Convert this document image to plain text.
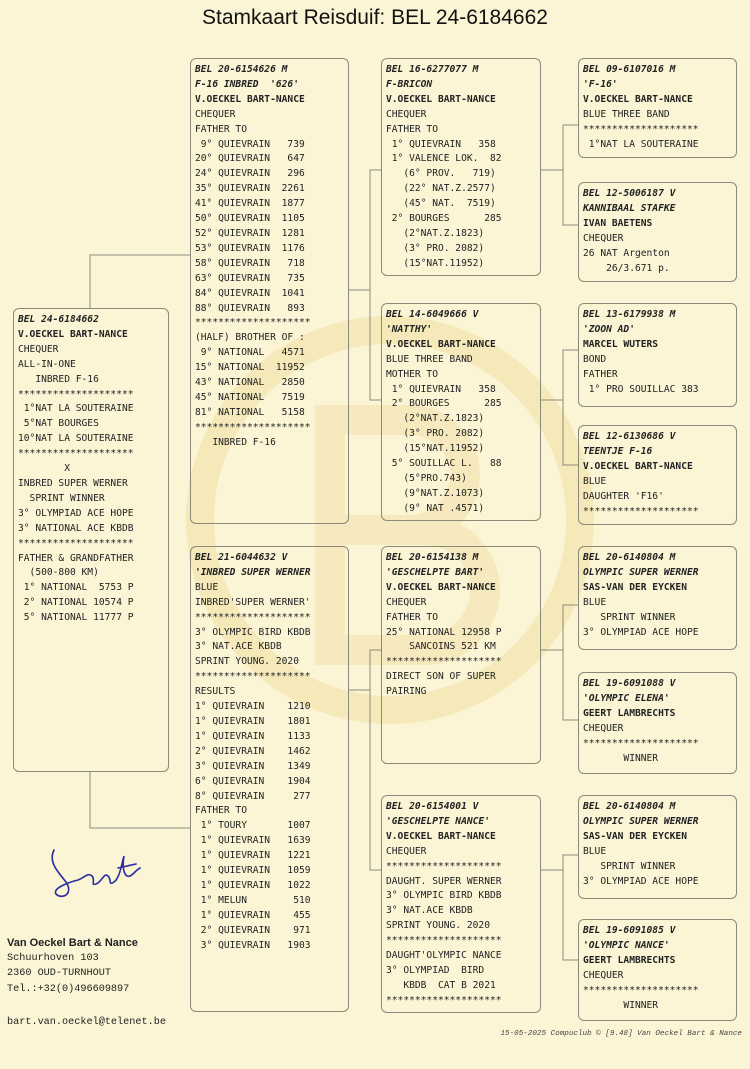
Stamkaart Reisduif: BEL 24-6184662
BEL 24-6184662
V.OECKEL BART-NANCE
CHEQUER
ALL-IN-ONE
INBRED F-16
********************
1°NAT LA SOUTERAINE
5°NAT BOURGES
10°NAT LA SOUTERAINE
********************
X
INBRED SUPER WERNER
SPRINT WINNER
3° OLYMPIAD ACE HOPE
3° NATIONAL ACE KBDB
********************
FATHER & GRANDFATHER
(500-800 KM)
1° NATIONAL  5753 P
2° NATIONAL 10574 P
5° NATIONAL 11777 P
BEL 20-6154626 M
F-16 INBRED  '626'
V.OECKEL BART-NANCE
CHEQUER
FATHER TO
9° QUIEVRAIN   739
20° QUIEVRAIN   647
24° QUIEVRAIN   296
35° QUIEVRAIN  2261
41° QUIEVRAIN  1877
50° QUIEVRAIN  1105
52° QUIEVRAIN  1281
53° QUIEVRAIN  1176
58° QUIEVRAIN   718
63° QUIEVRAIN   735
84° QUIEVRAIN  1041
88° QUIEVRAIN   893
********************
(HALF) BROTHER OF :
9° NATIONAL   4571
15° NATIONAL  11952
43° NATIONAL   2850
45° NATIONAL   7519
81° NATIONAL   5158
********************
INBRED F-16
BEL 21-6044632 V
'INBRED SUPER WERNER
BLUE
INBRED'SUPER WERNER'
********************
3° OLYMPIC BIRD KBDB
3° NAT.ACE KBDB
SPRINT YOUNG. 2020
********************
RESULTS
1° QUIEVRAIN    1210
1° QUIEVRAIN    1801
1° QUIEVRAIN    1133
2° QUIEVRAIN    1462
3° QUIEVRAIN    1349
6° QUIEVRAIN    1904
8° QUIEVRAIN     277
FATHER TO
1° TOURY       1007
1° QUIEVRAIN   1639
1° QUIEVRAIN   1221
1° QUIEVRAIN   1059
1° QUIEVRAIN   1022
1° MELUN        510
1° QUIEVRAIN    455
2° QUIEVRAIN    971
3° QUIEVRAIN   1903
BEL 16-6277077 M
F-BRICON
V.OECKEL BART-NANCE
CHEQUER
FATHER TO
1° QUIEVRAIN   358
1° VALENCE LOK.  82
(6° PROV.   719)
(22° NAT.Z.2577)
(45° NAT.  7519)
2° BOURGES      285
(2°NAT.Z.1823)
(3° PRO. 2082)
(15°NAT.11952)
BEL 14-6049666 V
'NATTHY'
V.OECKEL BART-NANCE
BLUE THREE BAND
MOTHER TO
1° QUIEVRAIN   358
2° BOURGES      285
(2°NAT.Z.1823)
(3° PRO. 2082)
(15°NAT.11952)
5° SOUILLAC L.   88
(5°PRO.743)
(9°NAT.Z.1073)
(9° NAT .4571)
BEL 20-6154138 M
'GESCHELPTE BART'
V.OECKEL BART-NANCE
CHEQUER
FATHER TO
25° NATIONAL 12958 P
SANCOINS 521 KM
********************
DIRECT SON OF SUPER
PAIRING
BEL 20-6154001 V
'GESCHELPTE NANCE'
V.OECKEL BART-NANCE
CHEQUER
********************
DAUGHT. SUPER WERNER
3° OLYMPIC BIRD KBDB
3° NAT.ACE KBDB
SPRINT YOUNG. 2020
********************
DAUGHT'OLYMPIC NANCE
3° OLYMPIAD  BIRD
KBDB  CAT B 2021
********************
BEL 09-6107016 M
'F-16'
V.OECKEL BART-NANCE
BLUE THREE BAND
********************
1°NAT LA SOUTERAINE
BEL 12-5006187 V
KANNIBAAL STAFKE
IVAN BAETENS
CHEQUER
26 NAT Argenton
26/3.671 p.
BEL 13-6179938 M
'ZOON AD'
MARCEL WUTERS
BOND
FATHER
1° PRO SOUILLAC 383
BEL 12-6130686 V
TEENTJE F-16
V.OECKEL BART-NANCE
BLUE
DAUGHTER 'F16'
********************
BEL 20-6140804 M
OLYMPIC SUPER WERNER
SAS-VAN DER EYCKEN
BLUE
SPRINT WINNER
3° OLYMPIAD ACE HOPE
BEL 19-6091088 V
'OLYMPIC ELENA'
GEERT LAMBRECHTS
CHEQUER
********************
WINNER
BEL 20-6140804 M
OLYMPIC SUPER WERNER
SAS-VAN DER EYCKEN
BLUE
SPRINT WINNER
3° OLYMPIAD ACE HOPE
BEL 19-6091085 V
'OLYMPIC NANCE'
GEERT LAMBRECHTS
CHEQUER
********************
WINNER
Van Oeckel Bart & Nance
Schuurhoven 103
2360 OUD-TURNHOUT
Tel.:+32(0)496609897
bart.van.oeckel@telenet.be
15-05-2025 Compuclub © [9.48] Van Oeckel Bart & Nance
